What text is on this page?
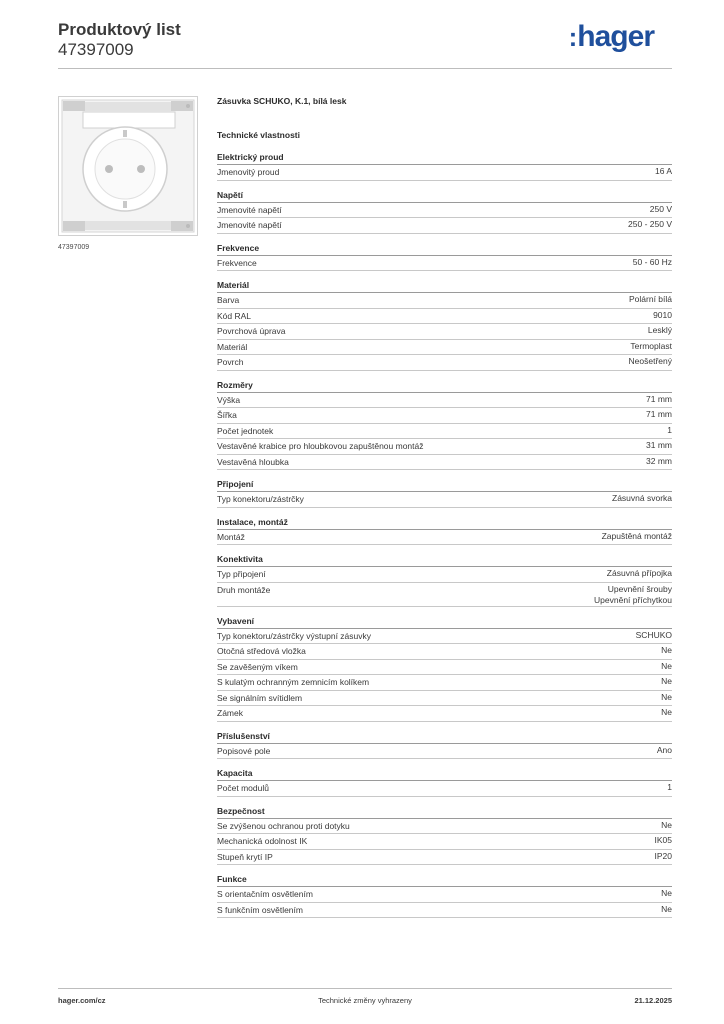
Produktový list
47397009	:hager
47397009
Zásuvka SCHUKO, K.1, bílá lesk
Technické vlastnosti
Elektrický proud
Jmenovitý proud	16 A
Napětí
Jmenovité napětí	250 V
Jmenovité napětí	250 - 250 V
Frekvence
Frekvence	50 - 60 Hz
Materiál
Barva	Polární bílá
Kód RAL	9010
Povrchová úprava	Lesklý
Materiál	Termoplast
Povrch	Neošetřený
Rozměry
Výška	71 mm
Šířka	71 mm
Počet jednotek	1
Vestavěné krabice pro hloubkovou zapuštěnou montáž	31 mm
Vestavěná hloubka	32 mm
Připojení
Typ konektoru/zástrčky	Zásuvná svorka
Instalace, montáž
Montáž	Zapuštěná montáž
Konektivita
Typ připojení	Zásuvná přípojka
Druh montáže	Upevnění šrouby
Upevnění příchytkou
Vybavení
Typ konektoru/zástrčky výstupní zásuvky	SCHUKO
Otočná středová vložka	Ne
Se zavěšeným víkem	Ne
S kulatým ochranným zemnicím kolíkem	Ne
Se signálním svítidlem	Ne
Zámek	Ne
Příslušenství
Popisové pole	Ano
Kapacita
Počet modulů	1
Bezpečnost
Se zvýšenou ochranou proti dotyku	Ne
Mechanická odolnost IK	IK05
Stupeň krytí IP	IP20
Funkce
S orientačním osvětlením	Ne
S funkčním osvětlením	Ne
hager.com/cz	Technické změny vyhrazeny	21.12.2025
